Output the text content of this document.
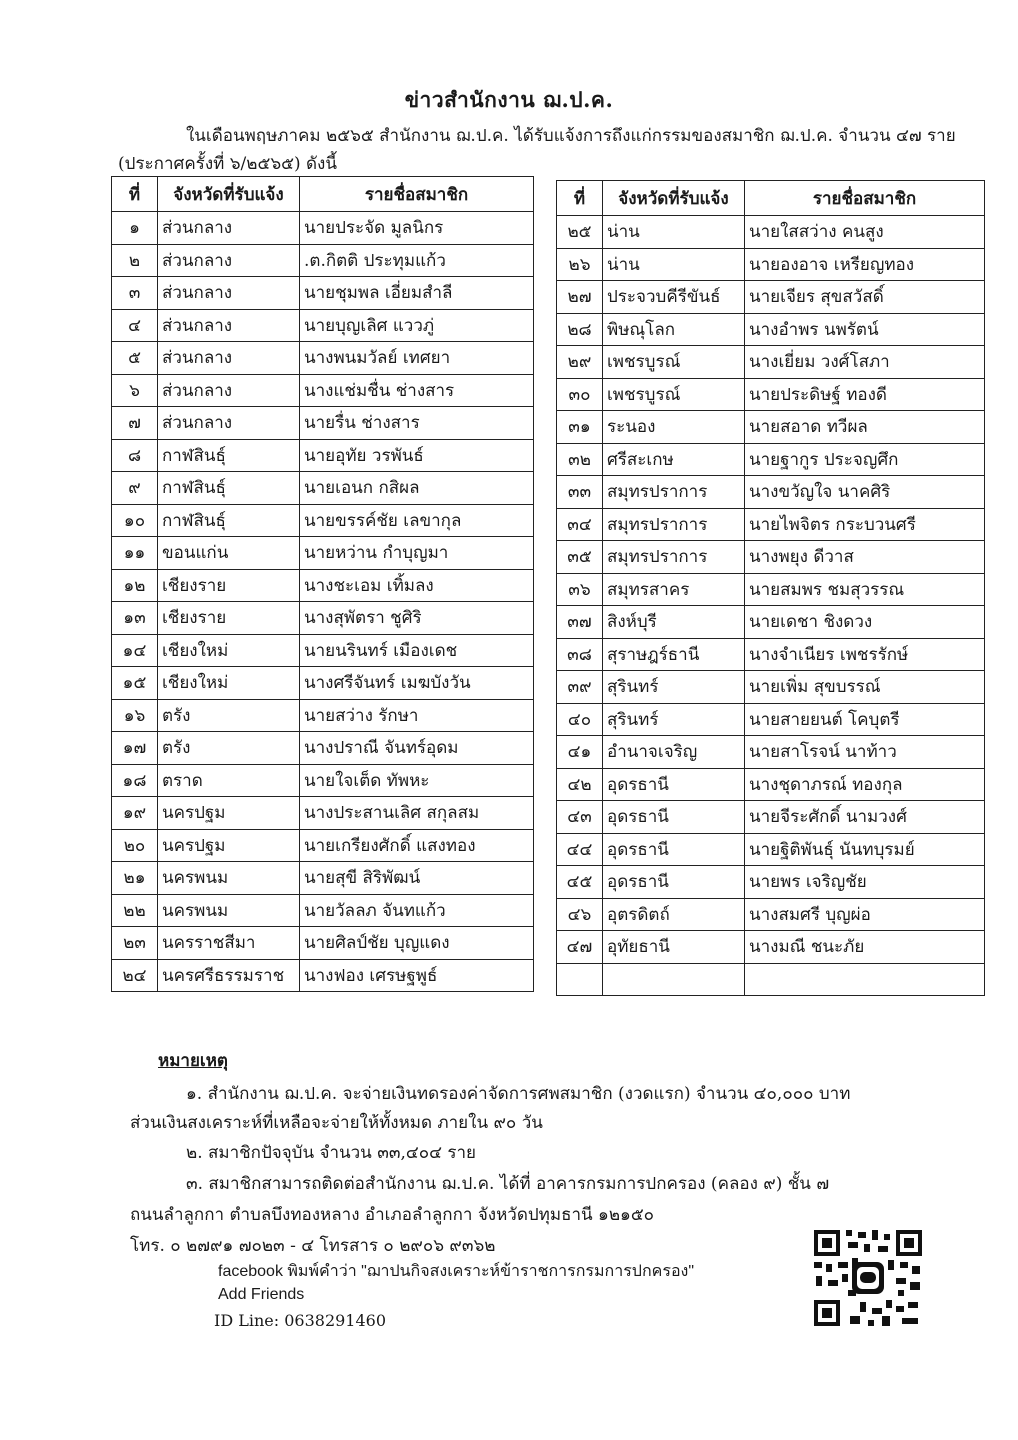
ข่าวสำนักงาน ฌ.ป.ค.
ในเดือนพฤษภาคม ๒๕๖๕ สำนักงาน ฌ.ป.ค. ได้รับแจ้งการถึงแก่กรรมของสมาชิก ฌ.ป.ค. จำนวน ๔๗ ราย
(ประกาศครั้งที่ ๖/๒๕๖๕) ดังนี้
ที่	จังหวัดที่รับแจ้ง	รายชื่อสมาชิก
๑	ส่วนกลาง	นายประจัด มูลนิกร
๒	ส่วนกลาง	.ต.กิตติ ประทุมแก้ว
๓	ส่วนกลาง	นายชุมพล เอี่ยมสำลี
๔	ส่วนกลาง	นายบุญเลิศ แววภู่
๕	ส่วนกลาง	นางพนมวัลย์ เทศยา
๖	ส่วนกลาง	นางแช่มชื่น ช่างสาร
๗	ส่วนกลาง	นายรื่น ช่างสาร
๘	กาฬสินธุ์	นายอุทัย วรพันธ์
๙	กาฬสินธุ์	นายเอนก กสิผล
๑๐	กาฬสินธุ์	นายขรรค์ชัย เลขากุล
๑๑	ขอนแก่น	นายหว่าน กำบุญมา
๑๒	เชียงราย	นางชะเอม เทิ้มลง
๑๓	เชียงราย	นางสุพัตรา ชูศิริ
๑๔	เชียงใหม่	นายนรินทร์ เมืองเดช
๑๕	เชียงใหม่	นางศรีจันทร์ เมฆบังวัน
๑๖	ตรัง	นายสว่าง รักษา
๑๗	ตรัง	นางปราณี จันทร์อุดม
๑๘	ตราด	นายใจเต็ด ทัพหะ
๑๙	นครปฐม	นางประสานเลิศ สกุลสม
๒๐	นครปฐม	นายเกรียงศักดิ์ แสงทอง
๒๑	นครพนม	นายสุขี สิริพัฒน์
๒๒	นครพนม	นายวัลลภ จันทแก้ว
๒๓	นครราชสีมา	นายศิลป์ชัย บุญแดง
๒๔	นครศรีธรรมราช	นางฟอง เศรษฐพูธ์
ที่	จังหวัดที่รับแจ้ง	รายชื่อสมาชิก
๒๕	น่าน	นายใสสว่าง คนสูง
๒๖	น่าน	นายองอาจ เหรียญทอง
๒๗	ประจวบคีรีขันธ์	นายเจียร สุขสวัสดิ์
๒๘	พิษณุโลก	นางอำพร นพรัตน์
๒๙	เพชรบูรณ์	นางเยี่ยม วงศ์โสภา
๓๐	เพชรบูรณ์	นายประดิษฐ์ ทองดี
๓๑	ระนอง	นายสอาด ทวีผล
๓๒	ศรีสะเกษ	นายฐากูร ประจญศึก
๓๓	สมุทรปราการ	นางขวัญใจ นาคศิริ
๓๔	สมุทรปราการ	นายไพจิตร กระบวนศรี
๓๕	สมุทรปราการ	นางพยุง ดีวาส
๓๖	สมุทรสาคร	นายสมพร ชมสุวรรณ
๓๗	สิงห์บุรี	นายเดชา ชิงดวง
๓๘	สุราษฎร์ธานี	นางจำเนียร เพชรรักษ์
๓๙	สุรินทร์	นายเพิ่ม สุขบรรณ์
๔๐	สุรินทร์	นายสายยนต์ โคบุตรี
๔๑	อำนาจเจริญ	นายสาโรจน์ นาท้าว
๔๒	อุดรธานี	นางชุดาภรณ์ ทองกุล
๔๓	อุดรธานี	นายจีระศักดิ์ นามวงศ์
๔๔	อุดรธานี	นายฐิติพันธุ์ นันทบุรมย์
๔๕	อุดรธานี	นายพร เจริญชัย
๔๖	อุตรดิตถ์	นางสมศรี บุญผ่อ
๔๗	อุทัยธานี	นางมณี ชนะภัย

หมายเหตุ
๑. สำนักงาน ฌ.ป.ค. จะจ่ายเงินทดรองค่าจัดการศพสมาชิก (งวดแรก) จำนวน ๔๐,๐๐๐ บาท
ส่วนเงินสงเคราะห์ที่เหลือจะจ่ายให้ทั้งหมด ภายใน ๙๐ วัน
๒. สมาชิกปัจจุบัน จำนวน ๓๓,๔๐๔ ราย
๓. สมาชิกสามารถติดต่อสำนักงาน ฌ.ป.ค. ได้ที่ อาคารกรมการปกครอง (คลอง ๙) ชั้น ๗
ถนนลำลูกกา ตำบลบึงทองหลาง อำเภอลำลูกกา จังหวัดปทุมธานี ๑๒๑๕๐
โทร. ๐ ๒๗๙๑ ๗๐๒๓ - ๔ โทรสาร ๐ ๒๙๐๖ ๙๓๖๒
facebook พิมพ์คำว่า "ฌาปนกิจสงเคราะห์ข้าราชการกรมการปกครอง"
Add Friends
ID Line: 0638291460
